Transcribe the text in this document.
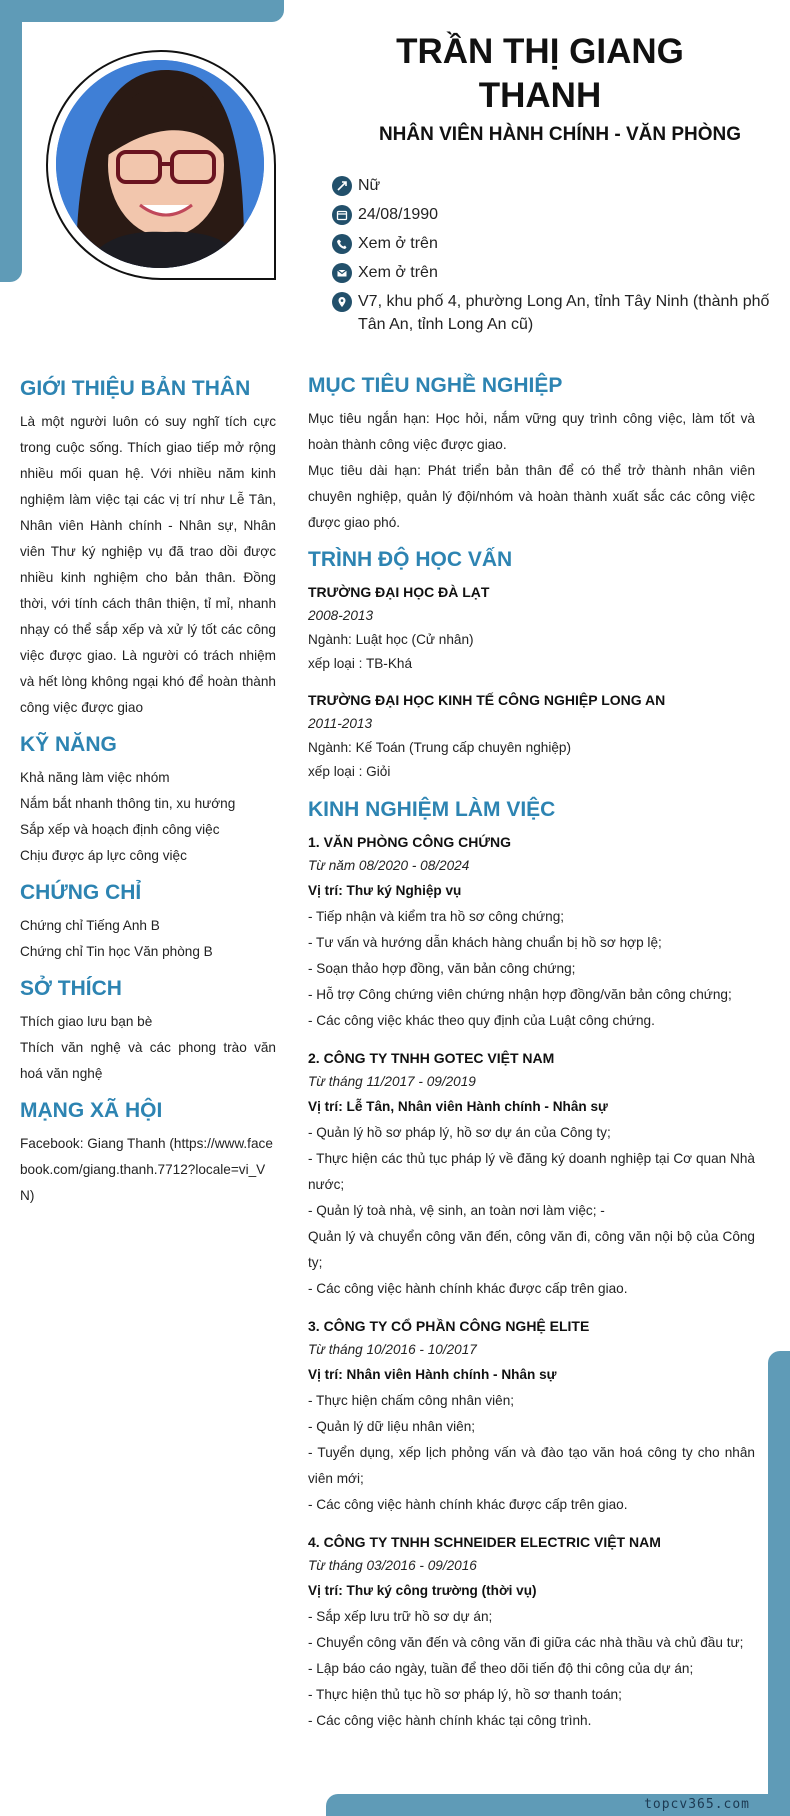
TRẦN THỊ GIANG THANH
NHÂN VIÊN HÀNH CHÍNH - VĂN PHÒNG
Nữ
24/08/1990
Xem ở trên
Xem ở trên
V7, khu phố 4, phường Long An, tỉnh Tây Ninh (thành phố Tân An, tỉnh Long An cũ)
GIỚI THIỆU BẢN THÂN

Là một người luôn có suy nghĩ tích cực trong cuộc sống. Thích giao tiếp mở rộng nhiều mối quan hệ. Với nhiều năm kinh nghiệm làm việc tại các vị trí như Lễ Tân, Nhân viên Hành chính - Nhân sự, Nhân viên Thư ký nghiệp vụ đã trao dồi được nhiều kinh nghiệm cho bản thân. Đồng thời, với tính cách thân thiện, tỉ mỉ, nhanh nhạy có thể sắp xếp và xử lý tốt các công việc được giao. Là người có trách nhiệm và hết lòng không ngại khó để hoàn thành công việc được giao

KỸ NĂNG
Khả năng làm việc nhóm
Nắm bắt nhanh thông tin, xu hướng
Sắp xếp và hoạch định công việc
Chịu được áp lực công việc
CHỨNG CHỈ
Chứng chỉ Tiếng Anh B
Chứng chỉ Tin học Văn phòng B
SỞ THÍCH
Thích giao lưu bạn bè
Thích văn nghệ và các phong trào văn hoá văn nghệ
MẠNG XÃ HỘI
Facebook: Giang Thanh (https://www.facebook.com/giang.thanh.7712?locale=vi_VN)
MỤC TIÊU NGHỀ NGHIỆP

Mục tiêu ngắn hạn: Học hỏi, nắm vững quy trình công việc, làm tốt và hoàn thành công việc được giao.

Mục tiêu dài hạn: Phát triển bản thân để có thể trở thành nhân viên chuyên nghiệp, quản lý đội/nhóm và hoàn thành xuất sắc các công việc được giao phó.

TRÌNH ĐỘ HỌC VẤN
TRƯỜNG ĐẠI HỌC ĐÀ LẠT
2008-2013
Ngành: Luật học (Cử nhân)
xếp loại : TB-Khá
TRƯỜNG ĐẠI HỌC KINH TẾ CÔNG NGHIỆP LONG AN
2011-2013
Ngành: Kế Toán (Trung cấp chuyên nghiệp)
xếp loại : Giỏi
KINH NGHIỆM LÀM VIỆC
1. VĂN PHÒNG CÔNG CHỨNG
Từ năm 08/2020 - 08/2024
Vị trí: Thư ký Nghiệp vụ
- Tiếp nhận và kiểm tra hồ sơ công chứng;
- Tư vấn và hướng dẫn khách hàng chuẩn bị hồ sơ hợp lệ;
- Soạn thảo hợp đồng, văn bản công chứng;
- Hỗ trợ Công chứng viên chứng nhận hợp đồng/văn bản công chứng;
- Các công việc khác theo quy định của Luật công chứng.
2. CÔNG TY TNHH GOTEC VIỆT NAM
Từ tháng 11/2017 - 09/2019
Vị trí: Lễ Tân, Nhân viên Hành chính - Nhân sự
- Quản lý hồ sơ pháp lý, hồ sơ dự án của Công ty;
- Thực hiện các thủ tục pháp lý về đăng ký doanh nghiệp tại Cơ quan Nhà nước;
- Quản lý toà nhà, vệ sinh, an toàn nơi làm việc; -
Quản lý và chuyển công văn đến, công văn đi, công văn nội bộ của Công ty;
- Các công việc hành chính khác được cấp trên giao.
3. CÔNG TY CỔ PHẦN CÔNG NGHỆ ELITE
Từ tháng 10/2016 - 10/2017
Vị trí: Nhân viên Hành chính - Nhân sự
- Thực hiện chấm công nhân viên;
- Quản lý dữ liệu nhân viên;
- Tuyển dụng, xếp lịch phỏng vấn và đào tạo văn hoá công ty cho nhân viên mới;
- Các công việc hành chính khác được cấp trên giao.
4. CÔNG TY TNHH SCHNEIDER ELECTRIC VIỆT NAM
Từ tháng 03/2016 - 09/2016
Vị trí: Thư ký công trường (thời vụ)
- Sắp xếp lưu trữ hồ sơ dự án;
- Chuyển công văn đến và công văn đi giữa các nhà thầu và chủ đầu tư;
- Lập báo cáo ngày, tuần để theo dõi tiến độ thi công của dự án;
- Thực hiện thủ tục hồ sơ pháp lý, hồ sơ thanh toán;
- Các công việc hành chính khác tại công trình.
topcv365.com
